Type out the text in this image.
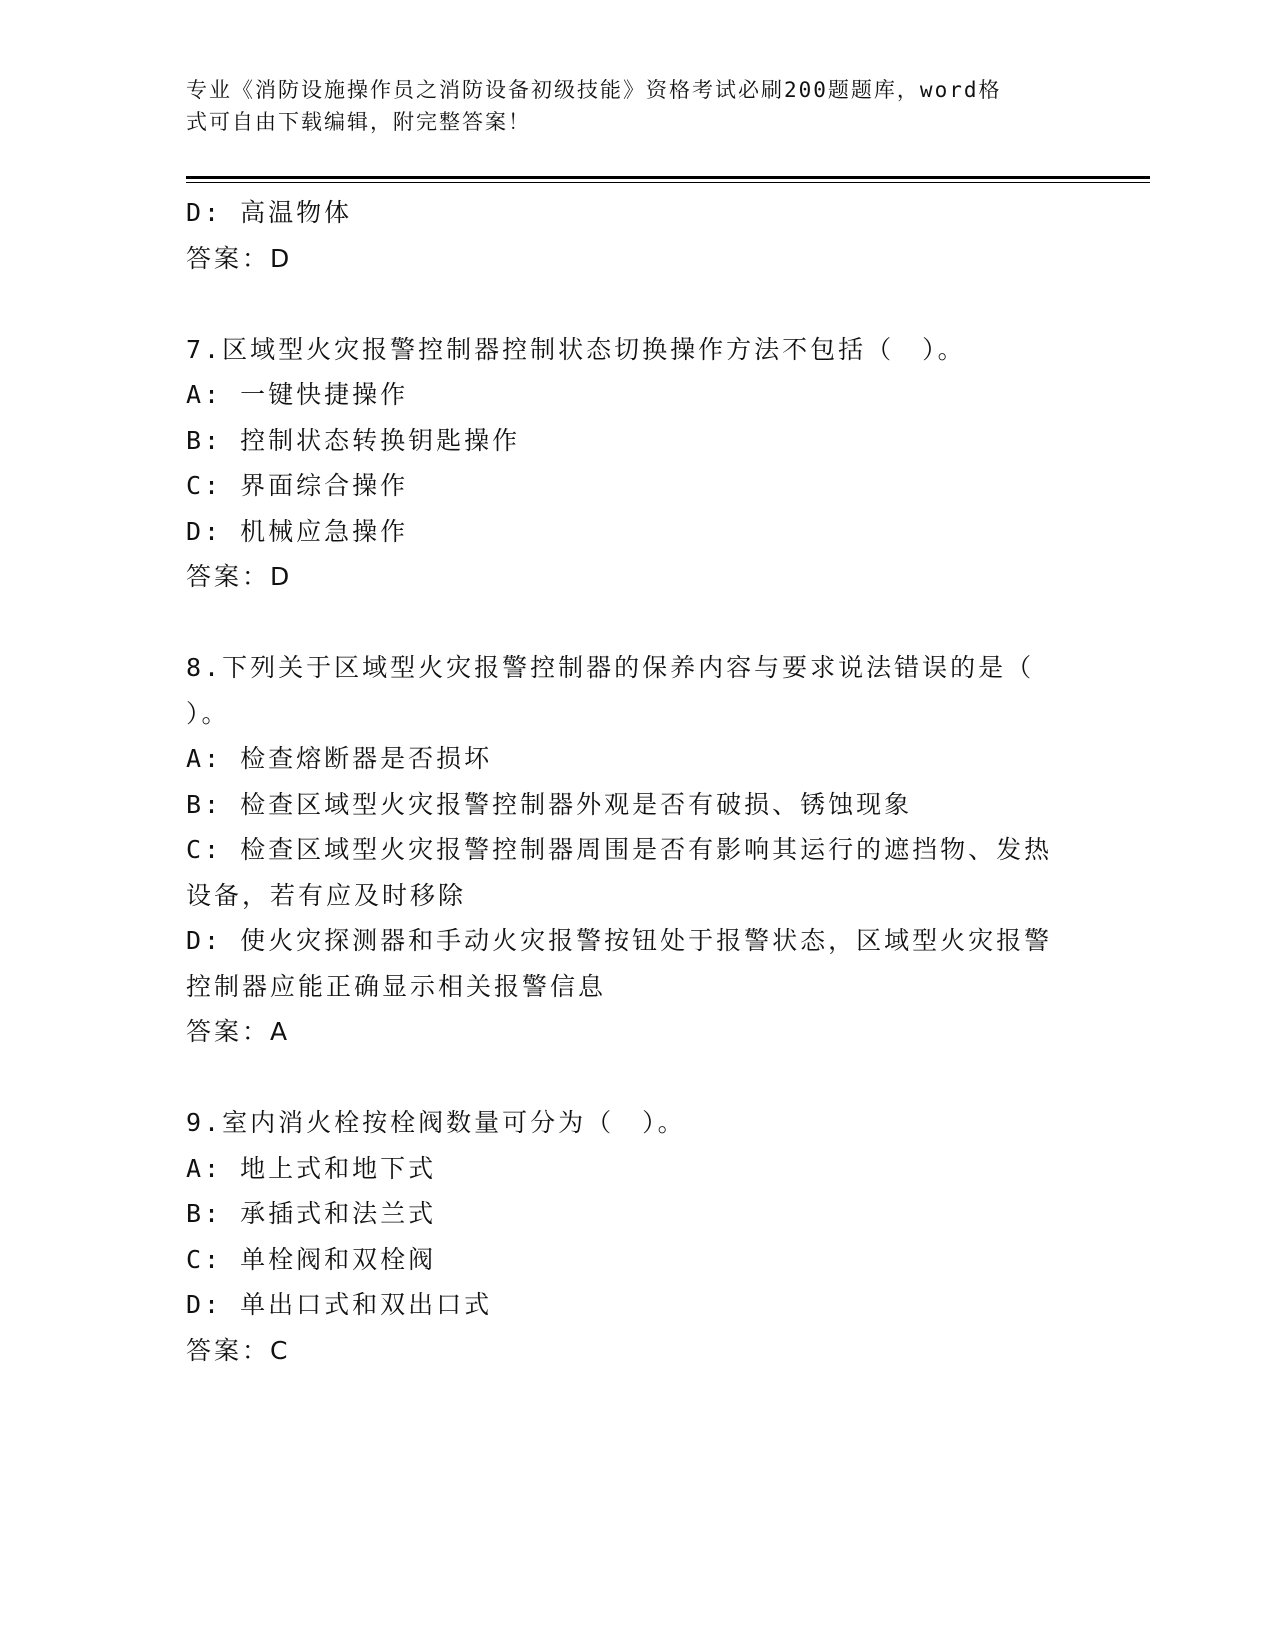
专业《消防设施操作员之消防设备初级技能》资格考试必刷200题题库，word格
式可自由下载编辑，附完整答案！
D: 高温物体
答案：D
7.区域型火灾报警控制器控制状态切换操作方法不包括（　）。
A: 一键快捷操作
B: 控制状态转换钥匙操作
C: 界面综合操作
D: 机械应急操作
答案：D
8.下列关于区域型火灾报警控制器的保养内容与要求说法错误的是（
）。
A: 检查熔断器是否损坏
B: 检查区域型火灾报警控制器外观是否有破损、锈蚀现象
C: 检查区域型火灾报警控制器周围是否有影响其运行的遮挡物、发热
设备，若有应及时移除
D: 使火灾探测器和手动火灾报警按钮处于报警状态，区域型火灾报警
控制器应能正确显示相关报警信息
答案：A
9.室内消火栓按栓阀数量可分为（　）。
A: 地上式和地下式
B: 承插式和法兰式
C: 单栓阀和双栓阀
D: 单出口式和双出口式
答案：C
